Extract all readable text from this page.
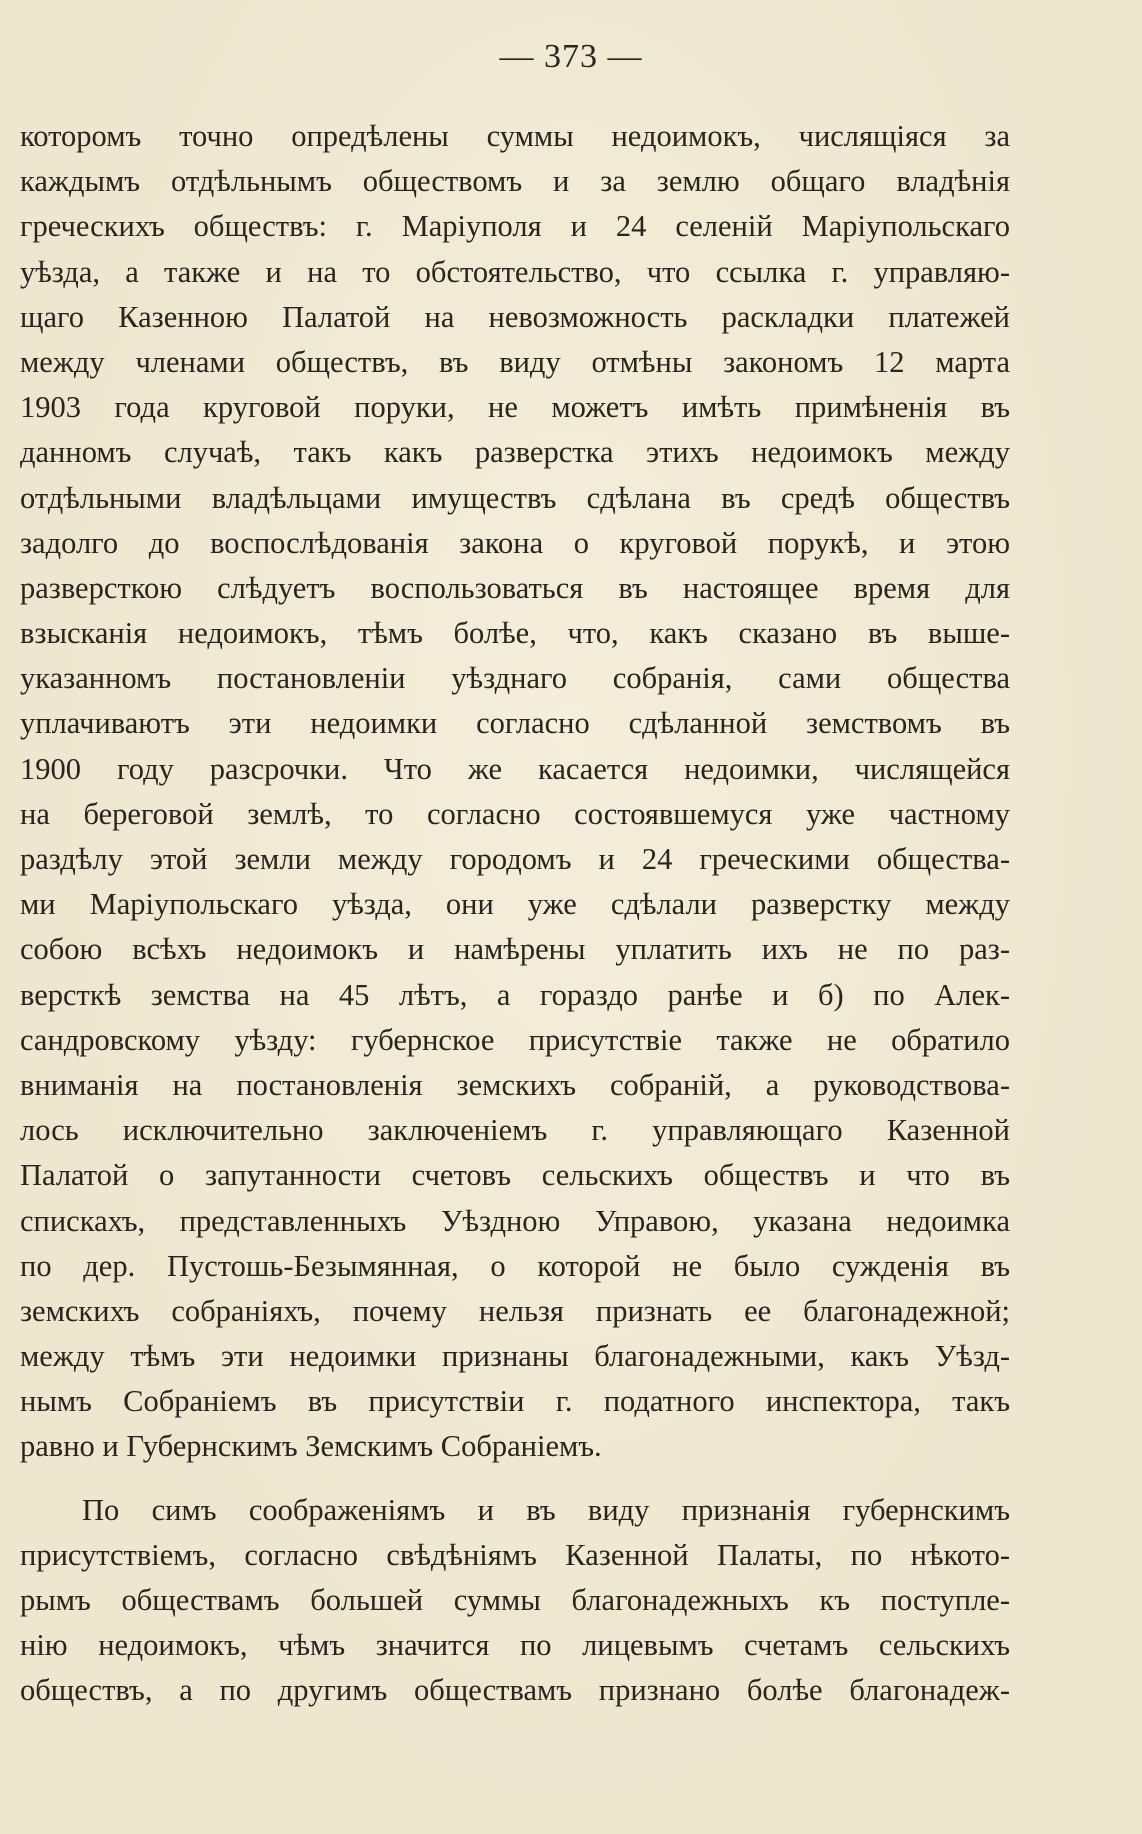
— 373 —
которомъ точно опредѣлены суммы недоимокъ, числящіяся за
каждымъ отдѣльнымъ обществомъ и за землю общаго владѣнія
греческихъ обществъ: г. Маріуполя и 24 селеній Маріупольскаго
уѣзда, а также и на то обстоятельство, что ссылка г. управляю-
щаго Казенною Палатой на невозможность раскладки платежей
между членами обществъ, въ виду отмѣны закономъ 12 марта
1903 года круговой поруки, не можетъ имѣть примѣненія въ
данномъ случаѣ, такъ какъ разверстка этихъ недоимокъ между
отдѣльными владѣльцами имуществъ сдѣлана въ средѣ обществъ
задолго до воспослѣдованія закона о круговой порукѣ, и этою
разверсткою слѣдуетъ воспользоваться въ настоящее время для
взысканія недоимокъ, тѣмъ болѣе, что, какъ сказано въ выше-
указанномъ постановленіи уѣзднаго собранія, сами общества
уплачиваютъ эти недоимки согласно сдѣланной земствомъ въ
1900 году разсрочки. Что же касается недоимки, числящейся
на береговой землѣ, то согласно состоявшемуся уже частному
раздѣлу этой земли между городомъ и 24 греческими общества-
ми Маріупольскаго уѣзда, они уже сдѣлали разверстку между
собою всѣхъ недоимокъ и намѣрены уплатить ихъ не по раз-
версткѣ земства на 45 лѣтъ, а гораздо ранѣе и б) по Алек-
сандровскому уѣзду: губернское присутствіе также не обратило
вниманія на постановленія земскихъ собраній, а руководствова-
лось исключительно заключеніемъ г. управляющаго Казенной
Палатой о запутанности счетовъ сельскихъ обществъ и что въ
спискахъ, представленныхъ Уѣздною Управою, указана недоимка
по дер. Пустошь-Безымянная, о которой не было сужденія въ
земскихъ собраніяхъ, почему нельзя признать ее благонадежной;
между тѣмъ эти недоимки признаны благонадежными, какъ Уѣзд-
нымъ Собраніемъ въ присутствіи г. податного инспектора, такъ
равно и Губернскимъ Земскимъ Собраніемъ.
По симъ соображеніямъ и въ виду признанія губернскимъ
присутствіемъ, согласно свѣдѣніямъ Казенной Палаты, по нѣкото-
рымъ обществамъ большей суммы благонадежныхъ къ поступле-
нію недоимокъ, чѣмъ значится по лицевымъ счетамъ сельскихъ
обществъ, а по другимъ обществамъ признано болѣе благонадеж-
